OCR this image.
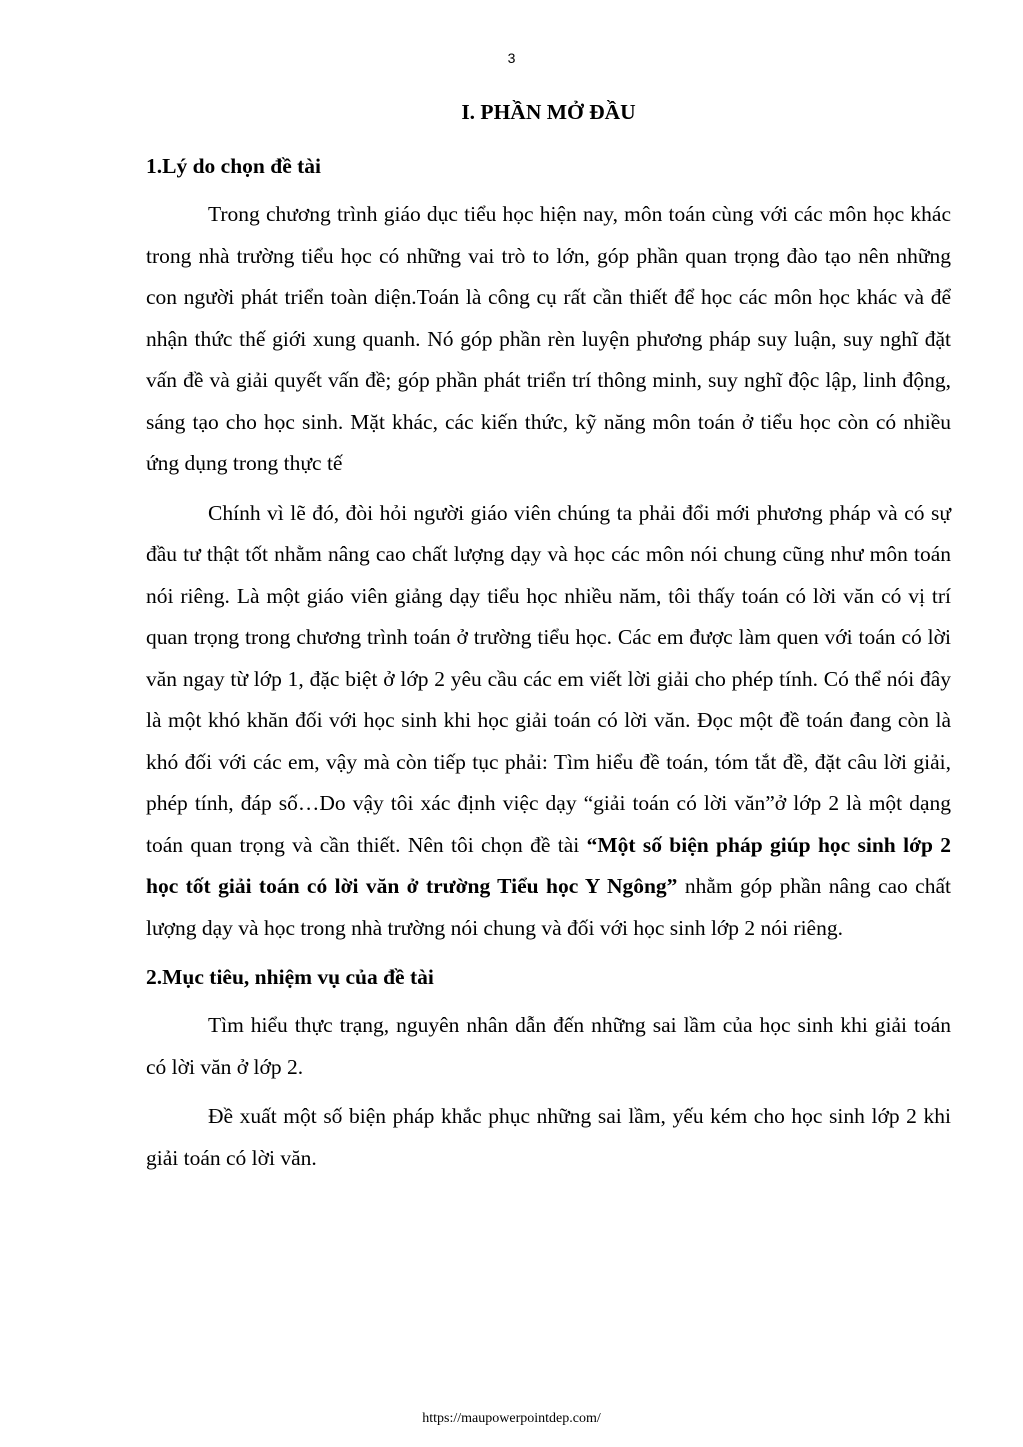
3
I. PHẦN MỞ ĐẦU
1.Lý do chọn đề tài

Trong chương trình giáo dục tiểu học hiện nay, môn toán cùng với các môn học khác trong nhà trường tiểu học có những vai trò to lớn, góp phần quan trọng đào tạo nên những con người phát triển toàn diện.Toán là công cụ rất cần thiết để học các môn học khác và để nhận thức thế giới xung quanh. Nó góp phần rèn luyện phương pháp suy luận, suy nghĩ đặt vấn đề và giải quyết vấn đề; góp phần phát triển trí thông minh, suy nghĩ độc lập, linh động, sáng tạo cho học sinh. Mặt khác, các kiến thức, kỹ năng môn toán ở tiểu học còn có nhiều ứng dụng trong thực tế

Chính vì lẽ đó, đòi hỏi người giáo viên chúng ta phải đổi mới phương pháp và có sự đầu tư thật tốt nhằm nâng cao chất lượng dạy và học các môn nói chung cũng như môn toán nói riêng. Là một giáo viên giảng dạy tiểu học nhiều năm, tôi thấy toán có lời văn có vị trí quan trọng trong chương trình toán ở trường tiểu học. Các em được làm quen với toán có lời văn ngay từ lớp 1, đặc biệt ở lớp 2 yêu cầu các em viết lời giải cho phép tính. Có thể nói đây là một khó khăn đối với học sinh khi học giải toán có lời văn. Đọc một đề toán đang còn là khó đối với các em, vậy mà còn tiếp tục phải: Tìm hiểu đề toán, tóm tắt đề, đặt câu lời giải, phép tính, đáp số…Do vậy tôi xác định việc dạy “giải toán có lời văn”ở lớp 2 là một dạng toán quan trọng và cần thiết. Nên tôi chọn đề tài “Một số biện pháp giúp học sinh lớp 2 học tốt giải toán có lời văn ở trường Tiểu học Y Ngông” nhằm góp phần nâng cao chất lượng dạy và học trong nhà trường nói chung và đối với học sinh lớp 2 nói riêng.

2.Mục tiêu, nhiệm vụ của đề tài

Tìm hiểu thực trạng, nguyên nhân dẫn đến những sai lầm của học sinh khi giải toán có lời văn ở lớp 2.

Đề xuất một số biện pháp khắc phục những sai lầm, yếu kém cho học sinh lớp 2 khi giải toán có lời văn.

https://maupowerpointdep.com/
